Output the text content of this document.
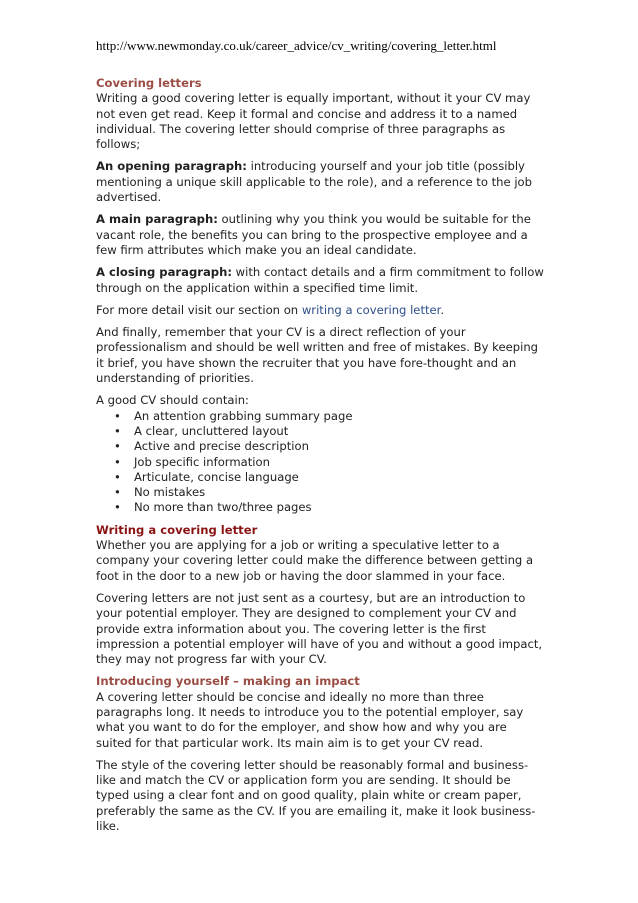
http://www.newmonday.co.uk/career_advice/cv_writing/covering_letter.html
Covering letters

Writing a good covering letter is equally important, without it your CV may not even get read. Keep it formal and concise and address it to a named individual. The covering letter should comprise of three paragraphs as follows;

An opening paragraph: introducing yourself and your job title (possibly mentioning a unique skill applicable to the role), and a reference to the job advertised.

A main paragraph: outlining why you think you would be suitable for the vacant role, the benefits you can bring to the prospective employee and a few firm attributes which make you an ideal candidate.

A closing paragraph: with contact details and a firm commitment to follow through on the application within a specified time limit.

For more detail visit our section on writing a covering letter.

And finally, remember that your CV is a direct reflection of your professionalism and should be well written and free of mistakes. By keeping it brief, you have shown the recruiter that you have fore-thought and an understanding of priorities.

A good CV should contain:
• An attention grabbing summary page
• A clear, uncluttered layout
• Active and precise description
• Job specific information
• Articulate, concise language
• No mistakes
• No more than two/three pages
Writing a covering letter

Whether you are applying for a job or writing a speculative letter to a company your covering letter could make the difference between getting a foot in the door to a new job or having the door slammed in your face.

Covering letters are not just sent as a courtesy, but are an introduction to your potential employer. They are designed to complement your CV and provide extra information about you. The covering letter is the first impression a potential employer will have of you and without a good impact, they may not progress far with your CV.

Introducing yourself – making an impact

A covering letter should be concise and ideally no more than three paragraphs long. It needs to introduce you to the potential employer, say what you want to do for the employer, and show how and why you are suited for that particular work. Its main aim is to get your CV read.

The style of the covering letter should be reasonably formal and business-like and match the CV or application form you are sending. It should be typed using a clear font and on good quality, plain white or cream paper, preferably the same as the CV. If you are emailing it, make it look business-like.
